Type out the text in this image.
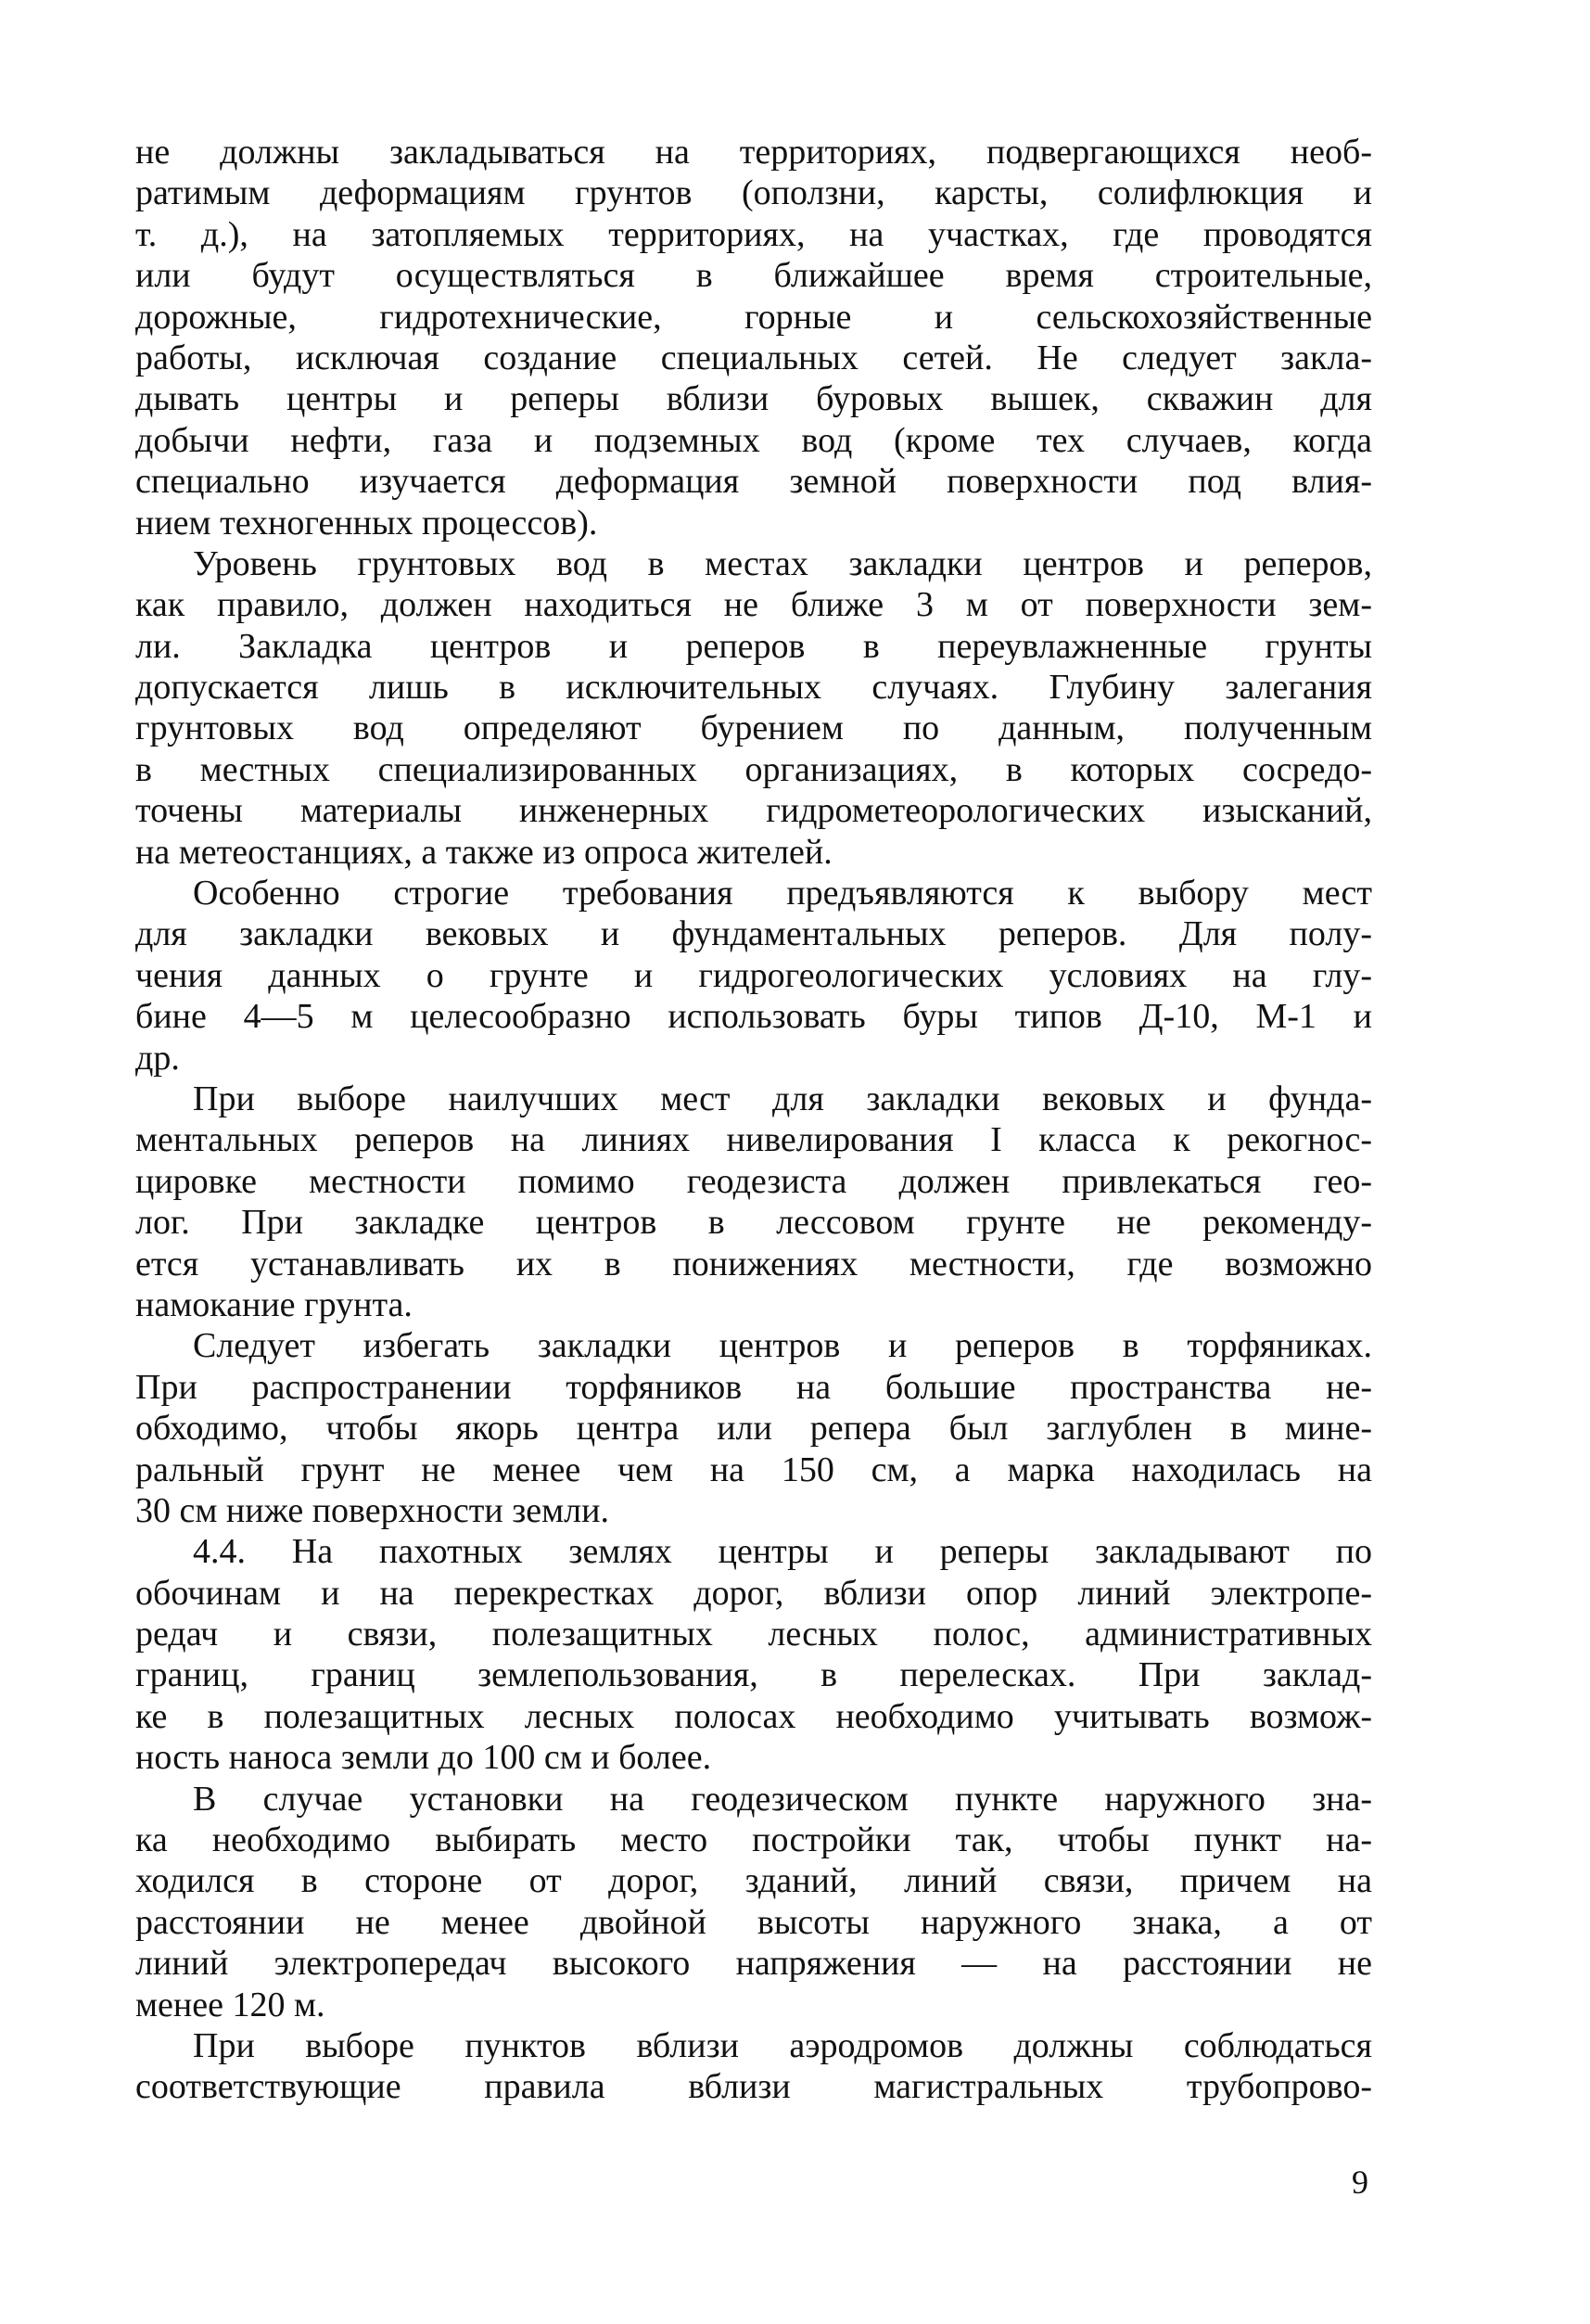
не должны закладываться на территориях, подвергающихся необ-
ратимым деформациям грунтов (оползни, карсты, солифлюкция и
т. д.), на затопляемых территориях, на участках, где проводятся
или будут осуществляться в ближайшее время строительные,
дорожные, гидротехнические, горные и сельскохозяйственные
работы, исключая создание специальных сетей. Не следует закла-
дывать центры и реперы вблизи буровых вышек, скважин для
добычи нефти, газа и подземных вод (кроме тех случаев, когда
специально изучается деформация земной поверхности под влия-
нием техногенных процессов).
Уровень грунтовых вод в местах закладки центров и реперов,
как правило, должен находиться не ближе 3 м от поверхности зем-
ли. Закладка центров и реперов в переувлажненные грунты
допускается лишь в исключительных случаях. Глубину залегания
грунтовых вод определяют бурением по данным, полученным
в местных специализированных организациях, в которых сосредо-
точены материалы инженерных гидрометеорологических изысканий,
на метеостанциях, а также из опроса жителей.
Особенно строгие требования предъявляются к выбору мест
для закладки вековых и фундаментальных реперов. Для полу-
чения данных о грунте и гидрогеологических условиях на глу-
бине 4—5 м целесообразно использовать буры типов Д-10, М-1 и
др.
При выборе наилучших мест для закладки вековых и фунда-
ментальных реперов на линиях нивелирования I класса к рекогнос-
цировке местности помимо геодезиста должен привлекаться гео-
лог. При закладке центров в лессовом грунте не рекоменду-
ется устанавливать их в понижениях местности, где возможно
намокание грунта.
Следует избегать закладки центров и реперов в торфяниках.
При распространении торфяников на большие пространства не-
обходимо, чтобы якорь центра или репера был заглублен в мине-
ральный грунт не менее чем на 150 см, а марка находилась на
30 см ниже поверхности земли.
4.4. На пахотных землях центры и реперы закладывают по
обочинам и на перекрестках дорог, вблизи опор линий электропе-
редач и связи, полезащитных лесных полос, административных
границ, границ землепользования, в перелесках. При заклад-
ке в полезащитных лесных полосах необходимо учитывать возмож-
ность наноса земли до 100 см и более.
В случае установки на геодезическом пункте наружного зна-
ка необходимо выбирать место постройки так, чтобы пункт на-
ходился в стороне от дорог, зданий, линий связи, причем на
расстоянии не менее двойной высоты наружного знака, а от
линий электропередач высокого напряжения — на расстоянии не
менее 120 м.
При выборе пунктов вблизи аэродромов должны соблюдаться
соответствующие правила вблизи магистральных трубопрово-
9
